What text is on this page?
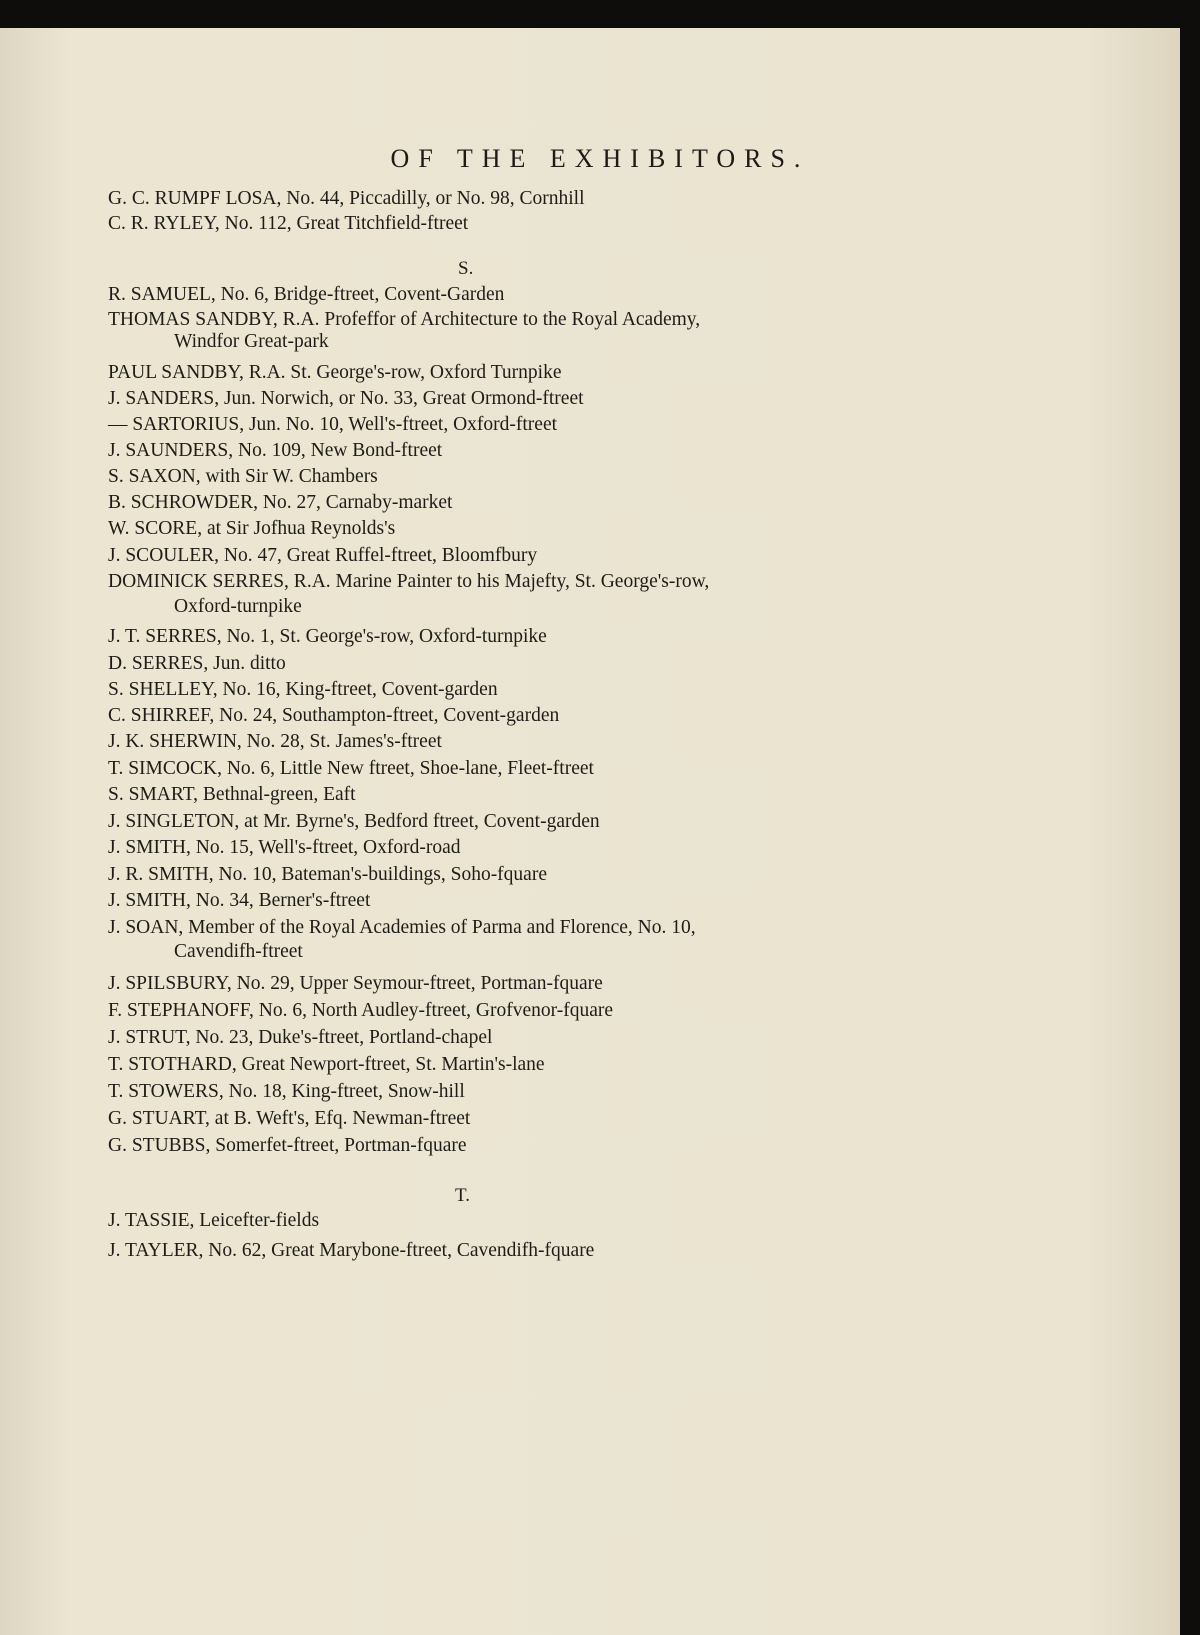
OF THE EXHIBITORS.
G. C. RUMPF LOSA, No. 44, Piccadilly, or No. 98, Cornhill
C. R. RYLEY, No. 112, Great Titchfield-ftreet
S.
R. SAMUEL, No. 6, Bridge-ftreet, Covent-Garden
THOMAS SANDBY, R.A. Profeffor of Architecture to the Royal Academy,
Windfor Great-park
PAUL SANDBY, R.A. St. George's-row, Oxford Turnpike
J. SANDERS, Jun. Norwich, or No. 33, Great Ormond-ftreet
— SARTORIUS, Jun. No. 10, Well's-ftreet, Oxford-ftreet
J. SAUNDERS, No. 109, New Bond-ftreet
S. SAXON, with Sir W. Chambers
B. SCHROWDER, No. 27, Carnaby-market
W. SCORE, at Sir Jofhua Reynolds's
J. SCOULER, No. 47, Great Ruffel-ftreet, Bloomfbury
DOMINICK SERRES, R.A. Marine Painter to his Majefty, St. George's-row,
Oxford-turnpike
J. T. SERRES, No. 1, St. George's-row, Oxford-turnpike
D. SERRES, Jun. ditto
S. SHELLEY, No. 16, King-ftreet, Covent-garden
C. SHIRREF, No. 24, Southampton-ftreet, Covent-garden
J. K. SHERWIN, No. 28, St. James's-ftreet
T. SIMCOCK, No. 6, Little New ftreet, Shoe-lane, Fleet-ftreet
S. SMART, Bethnal-green, Eaft
J. SINGLETON, at Mr. Byrne's, Bedford ftreet, Covent-garden
J. SMITH, No. 15, Well's-ftreet, Oxford-road
J. R. SMITH, No. 10, Bateman's-buildings, Soho-fquare
J. SMITH, No. 34, Berner's-ftreet
J. SOAN, Member of the Royal Academies of Parma and Florence, No. 10,
Cavendifh-ftreet
J. SPILSBURY, No. 29, Upper Seymour-ftreet, Portman-fquare
F. STEPHANOFF, No. 6, North Audley-ftreet, Grofvenor-fquare
J. STRUT, No. 23, Duke's-ftreet, Portland-chapel
T. STOTHARD, Great Newport-ftreet, St. Martin's-lane
T. STOWERS, No. 18, King-ftreet, Snow-hill
G. STUART, at B. Weft's, Efq. Newman-ftreet
G. STUBBS, Somerfet-ftreet, Portman-fquare
T.
J. TASSIE, Leicefter-fields
J. TAYLER, No. 62, Great Marybone-ftreet, Cavendifh-fquare
